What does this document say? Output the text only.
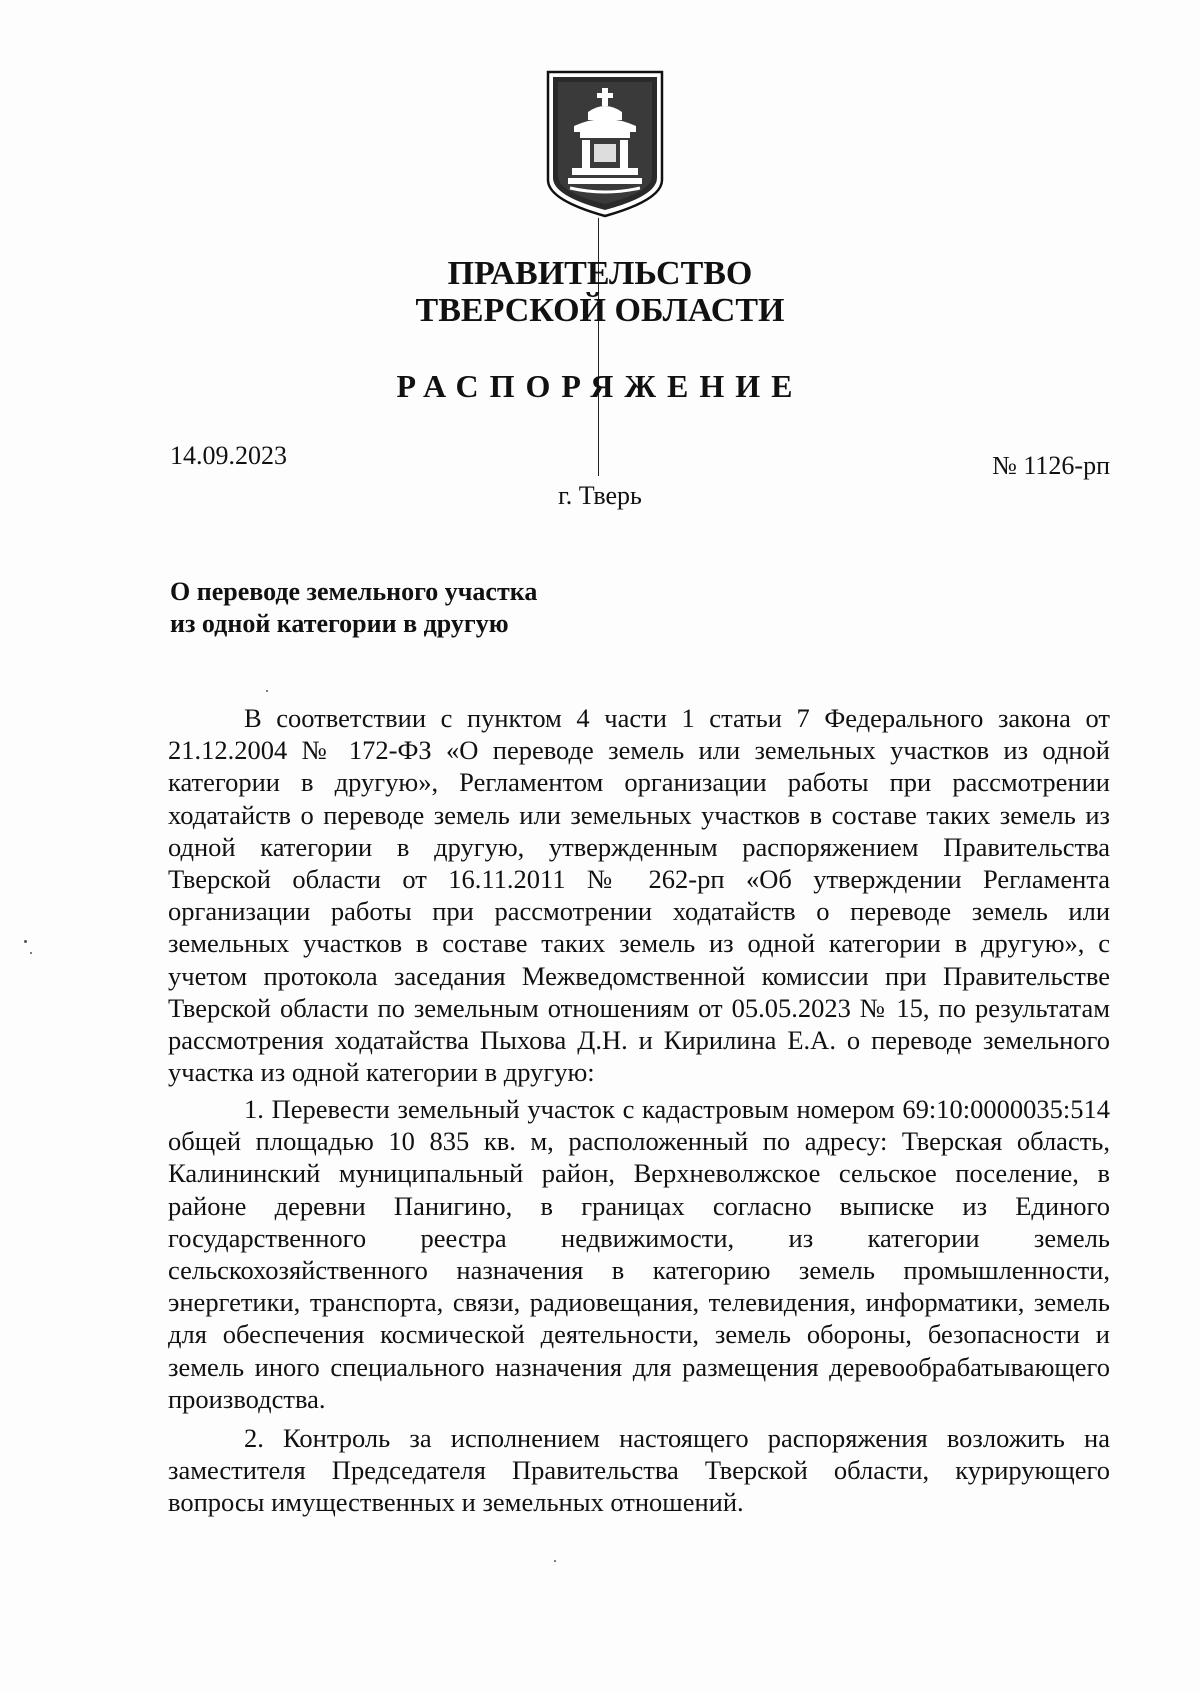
ПРАВИТЕЛЬСТВО
ТВЕРСКОЙ ОБЛАСТИ
РАСПОРЯЖЕНИЕ
14.09.2023	№ 1126-рп
г. Тверь
О переводе земельного участка
из одной категории в другую
В соответствии с пунктом 4 части 1 статьи 7 Федерального закона от 21.12.2004 № 172-ФЗ «О переводе земель или земельных участков из одной категории в другую», Регламентом организации работы при рассмотрении ходатайств о переводе земель или земельных участков в составе таких земель из одной категории в другую, утвержденным распоряжением Правительства Тверской области от 16.11.2011 № 262-рп «Об утверждении Регламента организации работы при рассмотрении ходатайств о переводе земель или земельных участков в составе таких земель из одной категории в другую», с учетом протокола заседания Межведомственной комиссии при Правительстве Тверской области по земельным отношениям от 05.05.2023 № 15, по результатам рассмотрения ходатайства Пыхова Д.Н. и Кирилина Е.А. о переводе земельного участка из одной категории в другую:
1. Перевести земельный участок с кадастровым номером 69:10:0000035:514 общей площадью 10 835 кв. м, расположенный по адресу: Тверская область, Калининский муниципальный район, Верхневолжское сельское поселение, в районе деревни Панигино, в границах согласно выписке из Единого государственного реестра недвижимости, из категории земель сельскохозяйственного назначения в категорию земель промышленности, энергетики, транспорта, связи, радиовещания, телевидения, информатики, земель для обеспечения космической деятельности, земель обороны, безопасности и земель иного специального назначения для размещения деревообрабатывающего производства.
2. Контроль за исполнением настоящего распоряжения возложить на заместителя Председателя Правительства Тверской области, курирующего вопросы имущественных и земельных отношений.
